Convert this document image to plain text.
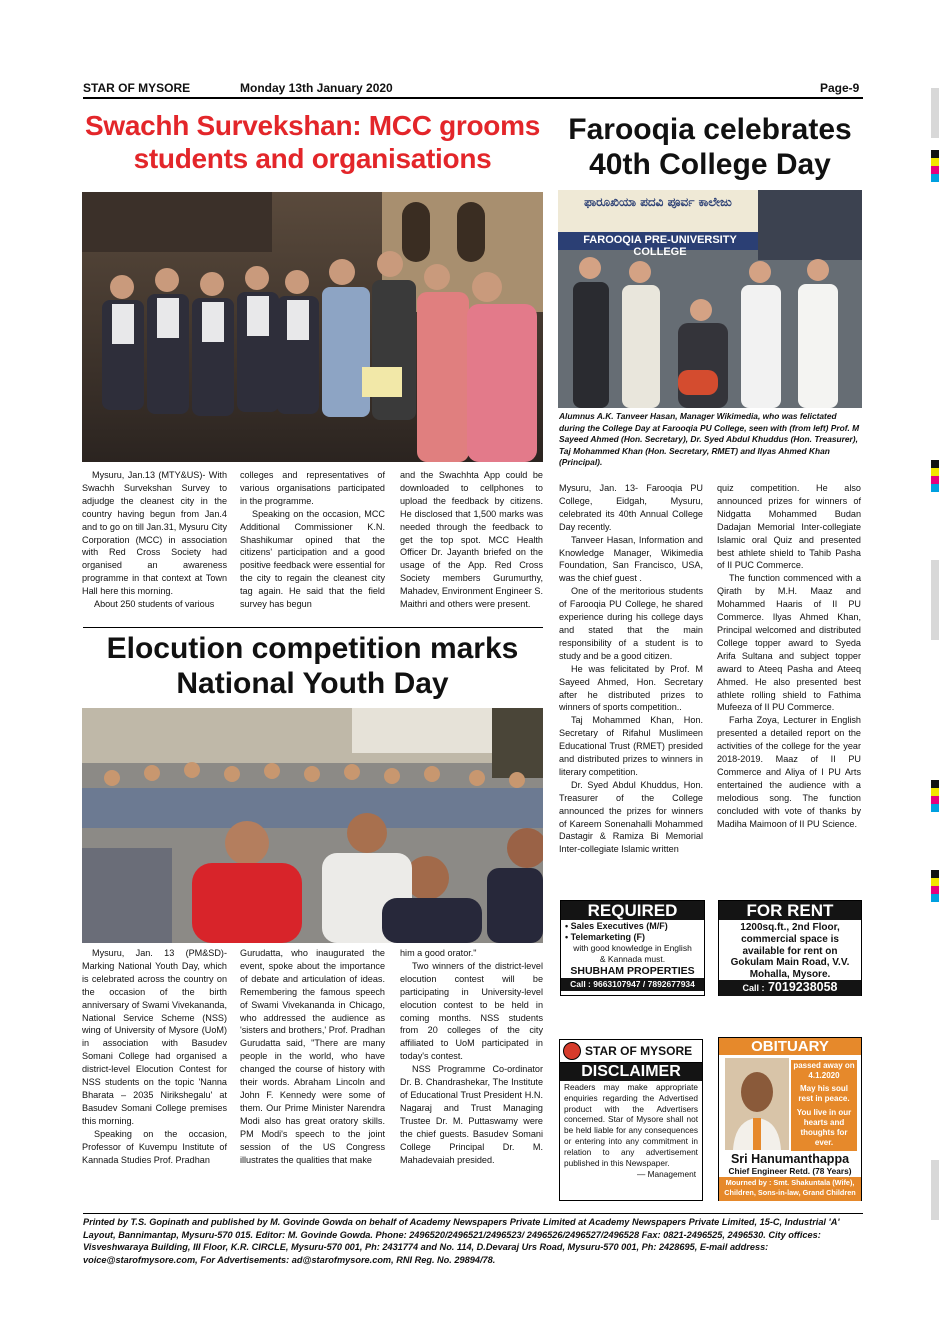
STAR OF MYSORE	Monday 13th January 2020	Page-9
Swachh Survekshan: MCC grooms
students and organisations

Mysuru, Jan.13 (MTY&US)- With Swachh Survekshan Survey to adjudge the cleanest city in the country having begun from Jan.4 and to go on till Jan.31, Mysuru City Corporation (MCC) in association with Red Cross Society had organised an awareness programme in that context at Town Hall here this morning.

About 250 students of various

colleges and representatives of various organisations participated in the programme.

Speaking on the occasion, MCC Additional Commissioner K.N. Shashikumar opined that the citizens' participation and a good positive feedback were essential for the city to regain the cleanest city tag again. He said that the field survey has begun

Elocution competition marks
National Youth Day

Mysuru, Jan. 13 (PM&SD)- Marking National Youth Day, which is celebrated across the country on the occasion of the birth anniversary of Swami Vivekananda, National Service Scheme (NSS) wing of University of Mysore (UoM) in association with Basudev Somani College had organised a district-level Elocution Contest for NSS students on the topic 'Nanna Bharata – 2035 Nirikshegalu' at Basudev Somani College premises this morning.

Speaking on the occasion, Professor of Kuvempu Institute of Kannada Studies Prof. Pradhan

him a good orator."

Two winners of the district-level elocution contest will be participating in University-level elocution contest to be held in coming months. NSS students from 20 colleges of the city affiliated to UoM participated in today's contest.

NSS Programme Co-ordinator Dr. B. Chandrashekar, The Institute of Educational Trust President H.N. Nagaraj and Trust Managing Trustee Dr. M. Puttaswamy were the chief guests. Basudev Somani College Principal Dr. M. Mahadevaiah presided.

Farooqia celebrates
40th College Day
ಫಾರೂಖಿಯಾ ಪದವಿ ಪೂರ್ವ ಕಾಲೇಜು
FAROOQIA PRE-UNIVERSITY COLLEGE
Alumnus A.K. Tanveer Hasan, Manager Wikimedia, who was felictated during the College Day at Farooqia PU College, seen with (from left) Prof. M Sayeed Ahmed (Hon. Secretary), Dr. Syed Abdul Khuddus (Hon. Treasurer), Taj Mohammed Khan (Hon. Secretary, RMET) and Ilyas Ahmed Khan (Principal).

Mysuru, Jan. 13- Farooqia PU College, Eidgah, Mysuru, celebrated its 40th Annual College Day recently.

Tanveer Hasan, Information and Knowledge Manager, Wikimedia Foundation, San Francisco, USA, was the chief guest .

One of the meritorious students of Farooqia PU College, he shared experience during his college days and stated that the main responsibility of a student is to study and be a good citizen.

He was felicitated by Prof. M Sayeed Ahmed, Hon. Secretary after he distributed prizes to winners of sports competition..

Taj Mohammed Khan, Hon. Secretary of Rifahul Muslimeen Educational Trust (RMET) presided and distributed prizes to winners in literary competition.

Dr. Syed Abdul Khuddus, Hon. Treasurer of the College announced the prizes for winners of Kareem Sonenahalli Mohammed Dastagir & Ramiza Bi Memorial Inter-collegiate Islamic written

quiz competition. He also announced prizes for winners of Nidgatta Mohammed Budan Dadajan Memorial Inter-collegiate Islamic oral Quiz and presented best athlete shield to Tahib Pasha of II PUC Commerce.

The function commenced with a Qirath by M.H. Maaz and Mohammed Haaris of II PU Commerce. Ilyas Ahmed Khan, Principal welcomed and distributed College topper award to Syeda Arifa Sultana and subject topper award to Ateeq Pasha and Ateeq Ahmed. He also presented best athlete rolling shield to Fathima Mufeeza of II PU Commerce.

Farha Zoya, Lecturer in English presented a detailed report on the activities of the college for the year 2018-2019. Maaz of II PU Commerce and Aliya of I PU Arts entertained the audience with a melodious song. The function concluded with vote of thanks by Madiha Maimoon of II PU Science.

REQUIRED
• Sales Executives (M/F)
• Telemarketing (F)
with good knowledge in English & Kannada must.
SHUBHAM PROPERTIES
Call : 9663107947 / 7892677934
FOR RENT
1200sq.ft., 2nd Floor, commercial space is available for rent on Gokulam Main Road, V.V. Mohalla, Mysore.
Call : 7019238058
STAR OF MYSORE
DISCLAIMER
Readers may make appropriate enquiries regarding the Advertised product with the Advertisers concerned. Star of Mysore shall not be held liable for any consequences or entering into any commitment in relation to any advertisement published in this Newspaper.
— Management
OBITUARY
passed away on 4.1.2020
May his soul rest in peace.
You live in our hearts and thoughts for ever.
Sri Hanumanthappa
Chief Engineer Retd. (78 Years)
Mourned by : Smt. Shakuntala (Wife), Children, Sons-in-law, Grand Children
Printed by T.S. Gopinath and published by M. Govinde Gowda on behalf of Academy Newspapers Private Limited at Academy Newspapers Private Limited, 15-C, Industrial 'A' Layout, Bannimantap, Mysuru-570 015. Editor: M. Govinde Gowda. Phone: 2496520/2496521/2496523/ 2496526/2496527/2496528 Fax: 0821-2496525, 2496530. City offices: Visveshwaraya Building, III Floor, K.R. CIRCLE, Mysuru-570 001, Ph: 2431774 and No. 114, D.Devaraj Urs Road, Mysuru-570 001, Ph: 2428695, E-mail address: voice@starofmysore.com, For Advertisements: ad@starofmysore.com, RNI Reg. No. 29894/78.

Gurudatta, who inaugurated the event, spoke about the importance of debate and articulation of ideas. Remembering the famous speech of Swami Vivekananda in Chicago, who addressed the audience as 'sisters and brothers,' Prof. Pradhan Gurudatta said, "There are many people in the world, who have changed the course of history with their words. Abraham Lincoln and John F. Kennedy were some of them. Our Prime Minister Narendra Modi also has great oratory skills. PM Modi's speech to the joint session of the US Congress illustrates the qualities that make

and the Swachhta App could be downloaded to cellphones to upload the feedback by citizens. He disclosed that 1,500 marks was needed through the feedback to get the top spot. MCC Health Officer Dr. Jayanth briefed on the usage of the App. Red Cross Society members Gurumurthy, Mahadev, Environment Engineer S. Maithri and others were present.
